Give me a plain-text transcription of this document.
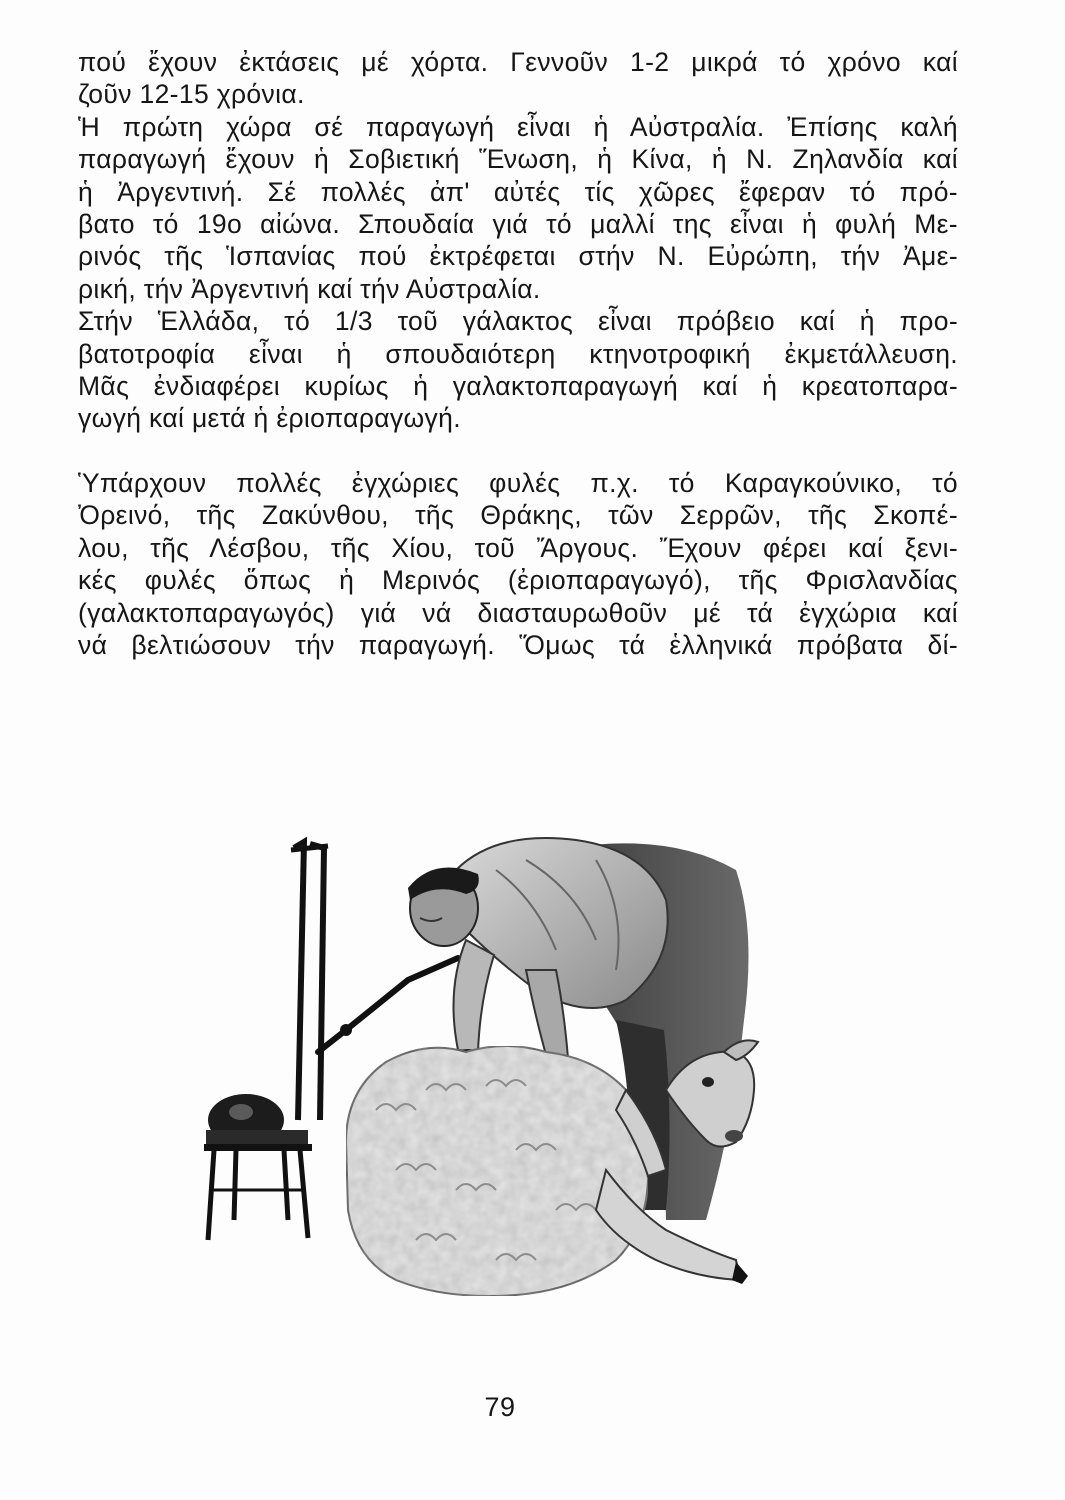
πού ἔχουν ἐκτάσεις μέ χόρτα. Γεννοῦν 1-2 μικρά τό χρόνο καί
ζοῦν 12-15 χρόνια.
Ἡ πρώτη χώρα σέ παραγωγή εἶναι ἡ Αὐστραλία. Ἐπίσης καλή
παραγωγή ἔχουν ἡ Σοβιετική Ἕνωση, ἡ Κίνα, ἡ Ν. Ζηλανδία καί
ἡ Ἀργεντινή. Σέ πολλές ἀπ' αὐτές τίς χῶρες ἔφεραν τό πρό-
βατο τό 19ο αἰώνα. Σπουδαία γιά τό μαλλί της εἶναι ἡ φυλή Με-
ρινός τῆς Ἱσπανίας πού ἐκτρέφεται στήν Ν. Εὐρώπη, τήν Ἀμε-
ρική, τήν Ἀργεντινή καί τήν Αὐστραλία.
Στήν Ἑλλάδα, τό 1/3 τοῦ γάλακτος εἶναι πρόβειο καί ἡ προ-
βατοτροφία εἶναι ἡ σπουδαιότερη κτηνοτροφική ἐκμετάλλευση.
Μᾶς ἐνδιαφέρει κυρίως ἡ γαλακτοπαραγωγή καί ἡ κρεατοπαρα-
γωγή καί μετά ἡ ἐριοπαραγωγή.
Ὑπάρχουν πολλές ἐγχώριες φυλές π.χ. τό Καραγκούνικο, τό
Ὀρεινό, τῆς Ζακύνθου, τῆς Θράκης, τῶν Σερρῶν, τῆς Σκοπέ-
λου, τῆς Λέσβου, τῆς Χίου, τοῦ Ἄργους. Ἔχουν φέρει καί ξενι-
κές φυλές ὅπως ἡ Μερινός (ἐριοπαραγωγό), τῆς Φρισλανδίας
(γαλακτοπαραγωγός) γιά νά διασταυρωθοῦν μέ τά ἐγχώρια καί
νά βελτιώσουν τήν παραγωγή. Ὅμως τά ἑλληνικά πρόβατα δί-
79
